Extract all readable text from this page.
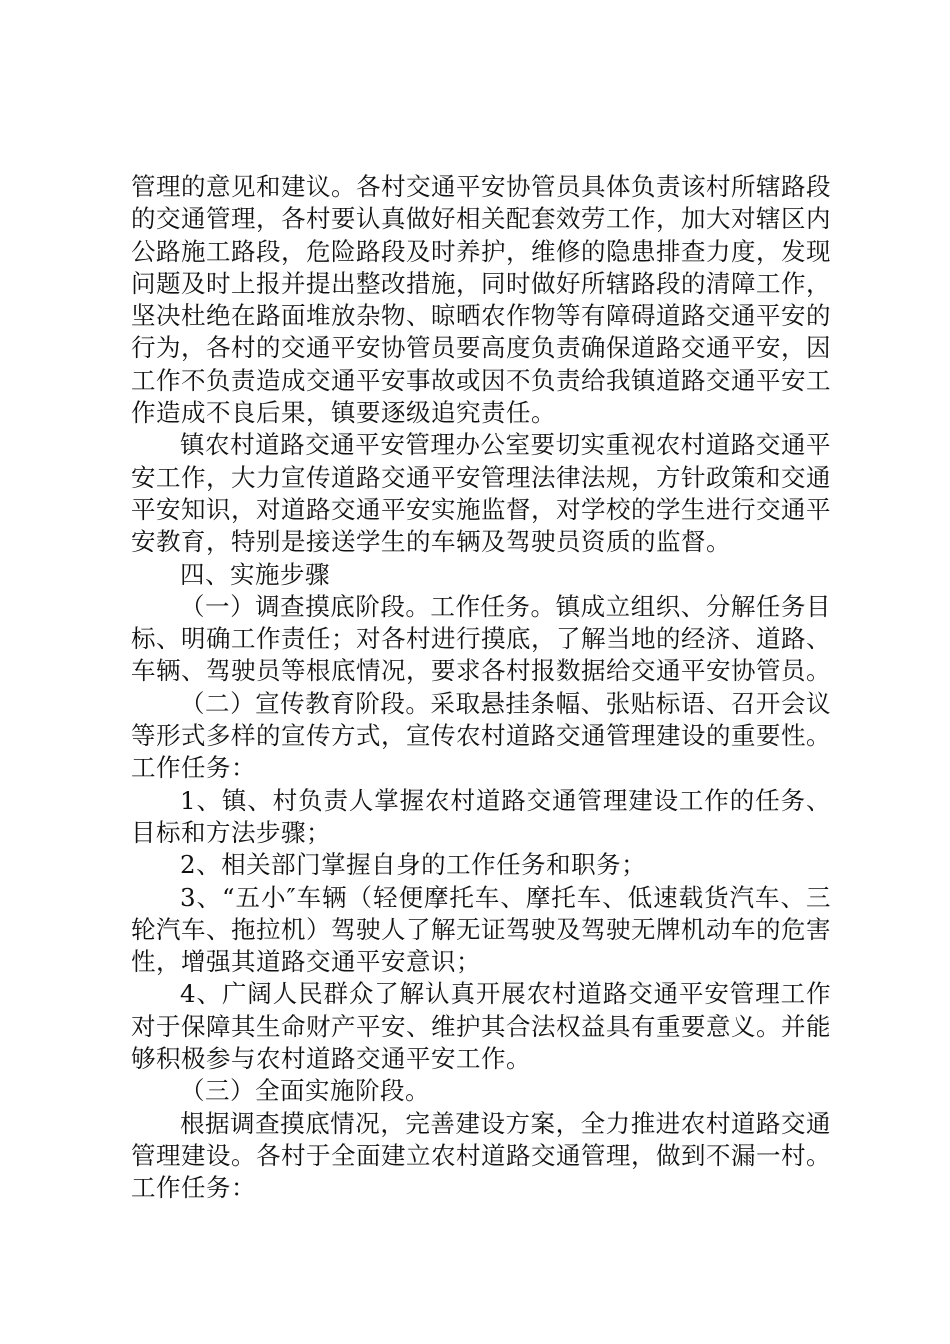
管理的意见和建议。各村交通平安协管员具体负责该村所辖路段的交通管理，各村要认真做好相关配套效劳工作，加大对辖区内公路施工路段，危险路段及时养护，维修的隐患排查力度，发现问题及时上报并提出整改措施，同时做好所辖路段的清障工作，坚决杜绝在路面堆放杂物、晾晒农作物等有障碍道路交通平安的行为，各村的交通平安协管员要高度负责确保道路交通平安，因工作不负责造成交通平安事故或因不负责给我镇道路交通平安工作造成不良后果，镇要逐级追究责任。

镇农村道路交通平安管理办公室要切实重视农村道路交通平安工作，大力宣传道路交通平安管理法律法规，方针政策和交通平安知识，对道路交通平安实施监督，对学校的学生进行交通平安教育，特别是接送学生的车辆及驾驶员资质的监督。

四、实施步骤

（一）调查摸底阶段。工作任务。镇成立组织、分解任务目标、明确工作责任；对各村进行摸底，了解当地的经济、道路、车辆、驾驶员等根底情况，要求各村报数据给交通平安协管员。

（二）宣传教育阶段。采取悬挂条幅、张贴标语、召开会议等形式多样的宣传方式，宣传农村道路交通管理建设的重要性。工作任务：

1、镇、村负责人掌握农村道路交通管理建设工作的任务、目标和方法步骤；

2、相关部门掌握自身的工作任务和职务；

3、“五小″车辆（轻便摩托车、摩托车、低速载货汽车、三轮汽车、拖拉机）驾驶人了解无证驾驶及驾驶无牌机动车的危害性，增强其道路交通平安意识；

4、广阔人民群众了解认真开展农村道路交通平安管理工作对于保障其生命财产平安、维护其合法权益具有重要意义。并能够积极参与农村道路交通平安工作。

（三）全面实施阶段。

根据调查摸底情况，完善建设方案，全力推进农村道路交通管理建设。各村于全面建立农村道路交通管理，做到不漏一村。工作任务：
